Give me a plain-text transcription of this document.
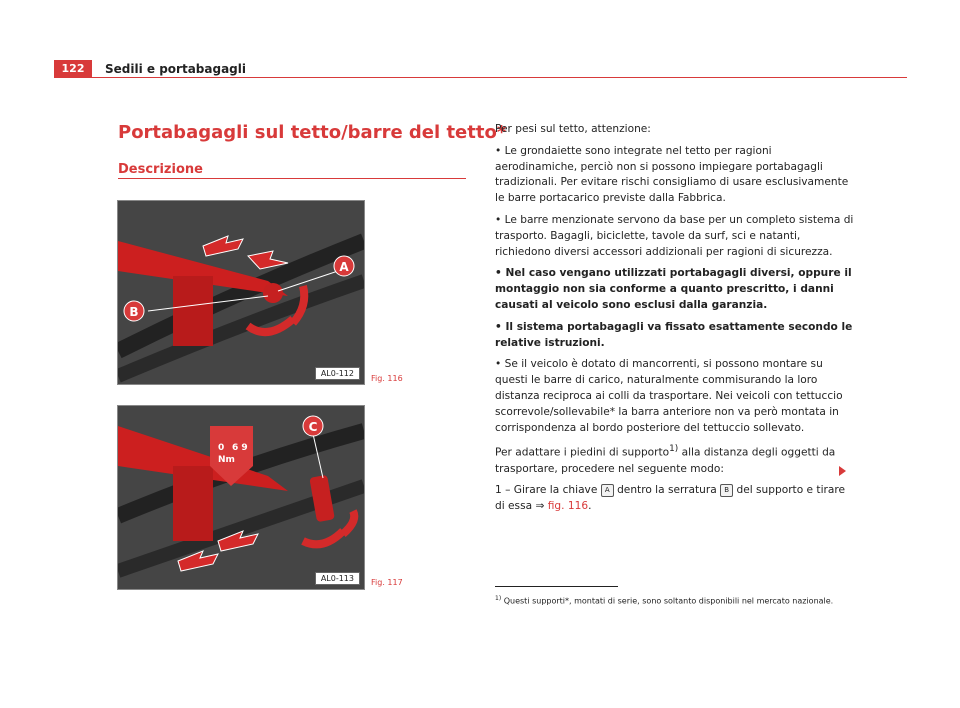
122	Sedili e portabagagli
Portabagagli sul tetto/barre del tetto*
Descrizione
A
B
AL0-112
Fig. 116
0 6 9
Nm
C
AL0-113	Fig. 117

Per pesi sul tetto, attenzione:

• Le grondaiette sono integrate nel tetto per ragioni aerodinamiche, perciò non si possono impiegare portabagagli tradizionali. Per evitare rischi consigliamo di usare esclusivamente le barre portacarico previste dalla Fabbrica.

• Le barre menzionate servono da base per un completo sistema di trasporto. Bagagli, biciclette, tavole da surf, sci e natanti, richiedono diversi accessori addizionali per ragioni di sicurezza.

• Nel caso vengano utilizzati portabagagli diversi, oppure il montaggio non sia conforme a quanto prescritto, i danni causati al veicolo sono esclusi dalla garanzia.

• Il sistema portabagagli va fissato esattamente secondo le relative istruzioni.

• Se il veicolo è dotato di mancorrenti, si possono montare su questi le barre di carico, naturalmente commisurando la loro distanza reciproca ai colli da trasportare. Nei veicoli con tettuccio scorrevole/sollevabile* la barra anteriore non va però montata in corrispondenza al bordo posteriore del tettuccio sollevato.

Per adattare i piedini di supporto$^{1)}$ alla distanza degli oggetti da trasportare, procedere nel seguente modo:

1 – Girare la chiave A dentro la serratura B del supporto e tirare di essa ⇒ fig. 116.

$^{1)}$ Questi supporti*, montati di serie, sono soltanto disponibili nel mercato nazionale.
